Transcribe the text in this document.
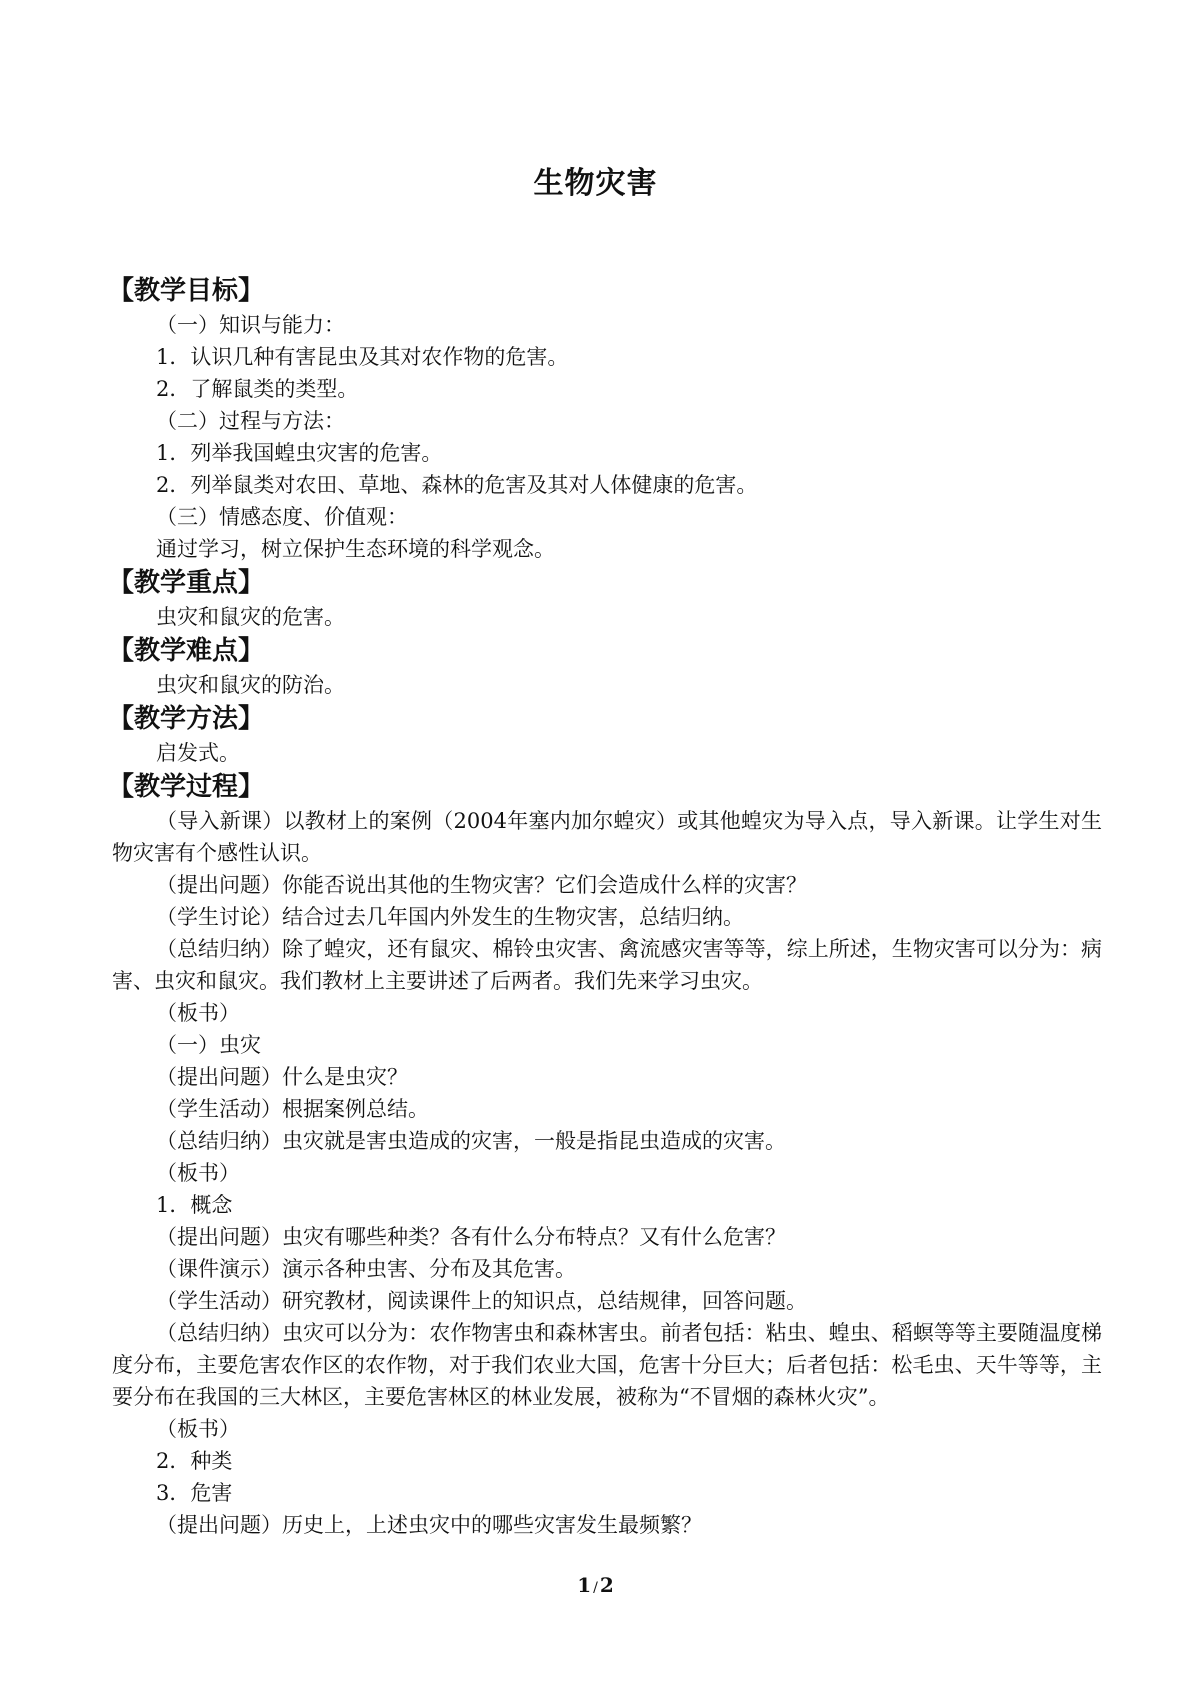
生物灾害
【教学目标】
（一）知识与能力：
1．认识几种有害昆虫及其对农作物的危害。
2．了解鼠类的类型。
（二）过程与方法：
1．列举我国蝗虫灾害的危害。
2．列举鼠类对农田、草地、森林的危害及其对人体健康的危害。
（三）情感态度、价值观：
通过学习，树立保护生态环境的科学观念。
【教学重点】
虫灾和鼠灾的危害。
【教学难点】
虫灾和鼠灾的防治。
【教学方法】
启发式。
【教学过程】
（导入新课）以教材上的案例（2004年塞内加尔蝗灾）或其他蝗灾为导入点，导入新课。让学生对生物灾害有个感性认识。
（提出问题）你能否说出其他的生物灾害？它们会造成什么样的灾害？
（学生讨论）结合过去几年国内外发生的生物灾害，总结归纳。
（总结归纳）除了蝗灾，还有鼠灾、棉铃虫灾害、禽流感灾害等等，综上所述，生物灾害可以分为：病害、虫灾和鼠灾。我们教材上主要讲述了后两者。我们先来学习虫灾。
（板书）
（一）虫灾
（提出问题）什么是虫灾？
（学生活动）根据案例总结。
（总结归纳）虫灾就是害虫造成的灾害，一般是指昆虫造成的灾害。
（板书）
1．概念
（提出问题）虫灾有哪些种类？各有什么分布特点？又有什么危害？
（课件演示）演示各种虫害、分布及其危害。
（学生活动）研究教材，阅读课件上的知识点，总结规律，回答问题。
（总结归纳）虫灾可以分为：农作物害虫和森林害虫。前者包括：粘虫、蝗虫、稻螟等等主要随温度梯度分布，主要危害农作区的农作物，对于我们农业大国，危害十分巨大；后者包括：松毛虫、天牛等等，主要分布在我国的三大林区，主要危害林区的林业发展，被称为“不冒烟的森林火灾”。
（板书）
2．种类
3．危害
（提出问题）历史上，上述虫灾中的哪些灾害发生最频繁？
1 / 2
